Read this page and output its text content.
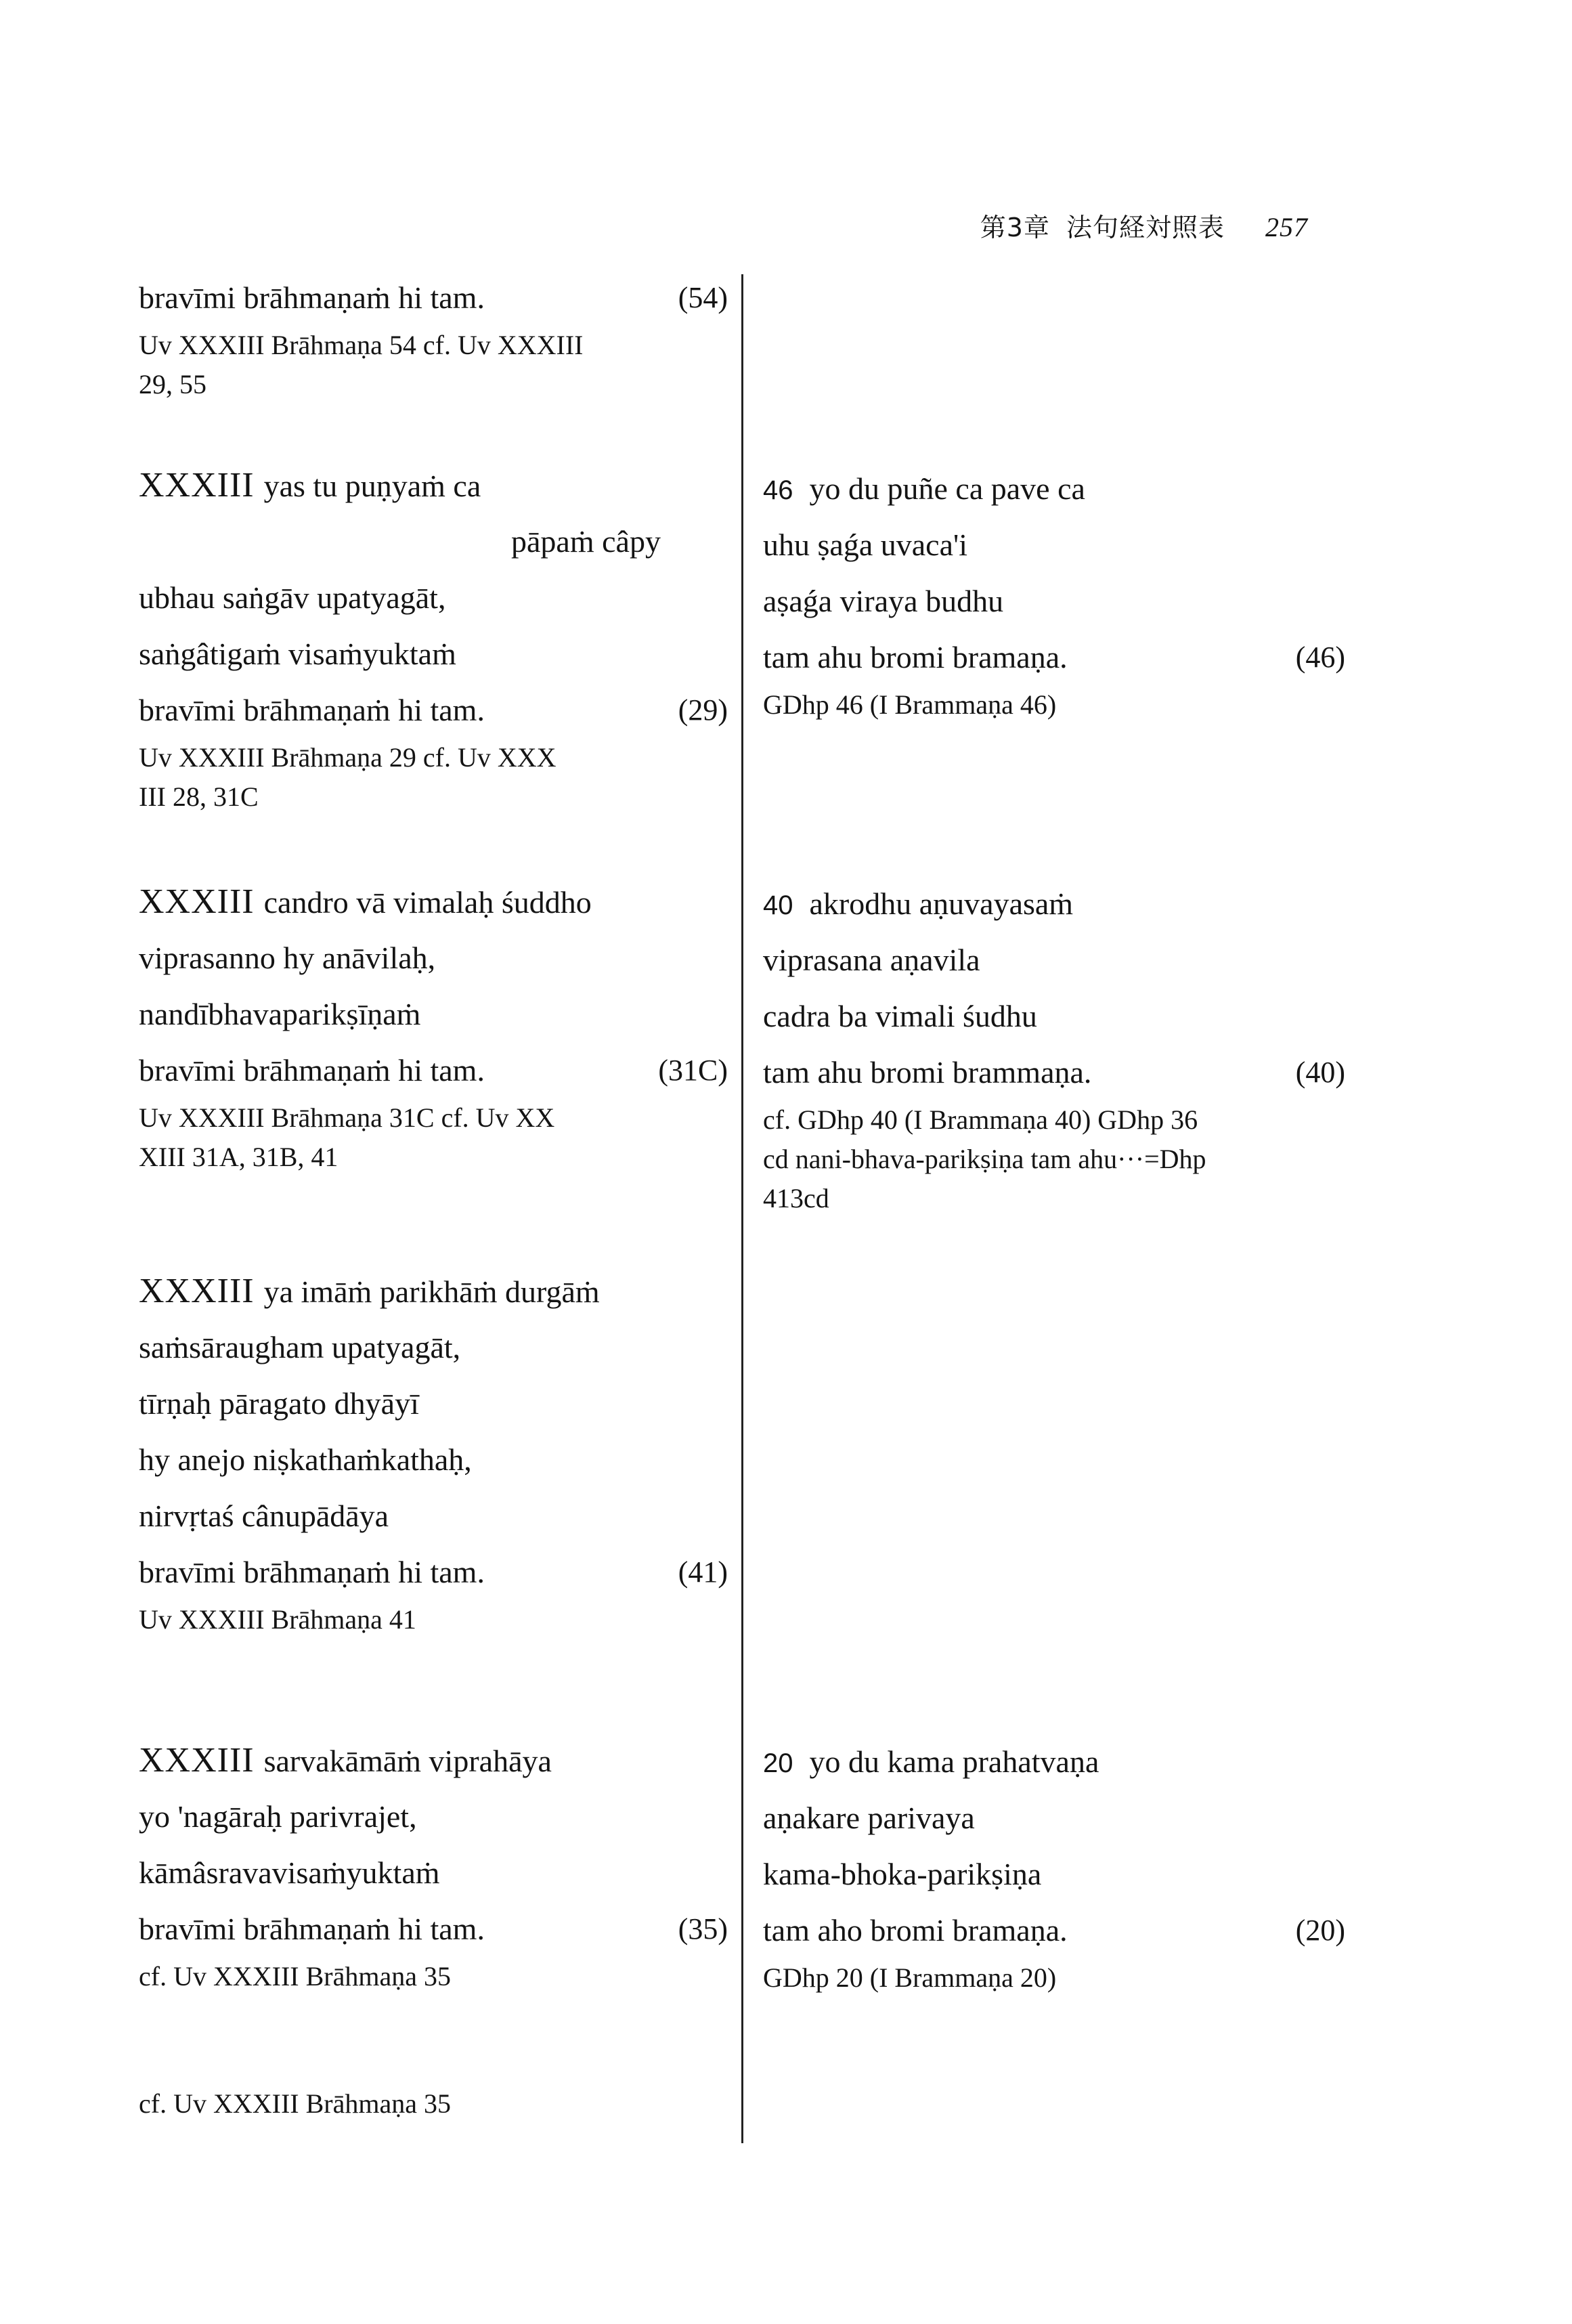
第3章 法句経対照表 257
bravīmi brāhmaṇaṁ hi tam.	(54)
Uv XXXIII Brāhmaṇa 54 cf. Uv XXXIII
29, 55
XXXIII yas tu puṇyaṁ ca
pāpaṁ câpy
ubhau saṅgāv upatyagāt,
saṅgâtigaṁ visaṁyuktaṁ
bravīmi brāhmaṇaṁ hi tam.	(29)
Uv XXXIII Brāhmaṇa 29 cf. Uv XXX
III 28, 31C
46 yo du puñe ca pave ca
uhu ṣaǵa uvaca'i
aṣaǵa viraya budhu
tam ahu bromi bramaṇa.	(46)
GDhp 46 (I Brammaṇa 46)
XXXIII candro vā vimalaḥ śuddho
viprasanno hy anāvilaḥ,
nandībhavaparikṣīṇaṁ
bravīmi brāhmaṇaṁ hi tam.	(31C)
Uv XXXIII Brāhmaṇa 31C cf. Uv XX
XIII 31A, 31B, 41
40 akrodhu aṇuvayasaṁ
viprasana aṇavila
cadra ba vimali śudhu
tam ahu bromi brammaṇa.	(40)
cf. GDhp 40 (I Brammaṇa 40) GDhp 36
cd nani-bhava-parikṣiṇa tam ahu···=Dhp
413cd
XXXIII ya imāṁ parikhāṁ durgāṁ
saṁsāraugham upatyagāt,
tīrṇaḥ pāragato dhyāyī
hy anejo niṣkathaṁkathaḥ,
nirvṛtaś cânupādāya
bravīmi brāhmaṇaṁ hi tam.	(41)
Uv XXXIII Brāhmaṇa 41
XXXIII sarvakāmāṁ viprahāya
yo 'nagāraḥ parivrajet,
kāmâsravavisaṁyuktaṁ
bravīmi brāhmaṇaṁ hi tam.	(35)
cf. Uv XXXIII Brāhmaṇa 35
20 yo du kama prahatvaṇa
aṇakare parivaya
kama-bhoka-parikṣiṇa
tam aho bromi bramaṇa.	(20)
GDhp 20 (I Brammaṇa 20)
cf. Uv XXXIII Brāhmaṇa 35
